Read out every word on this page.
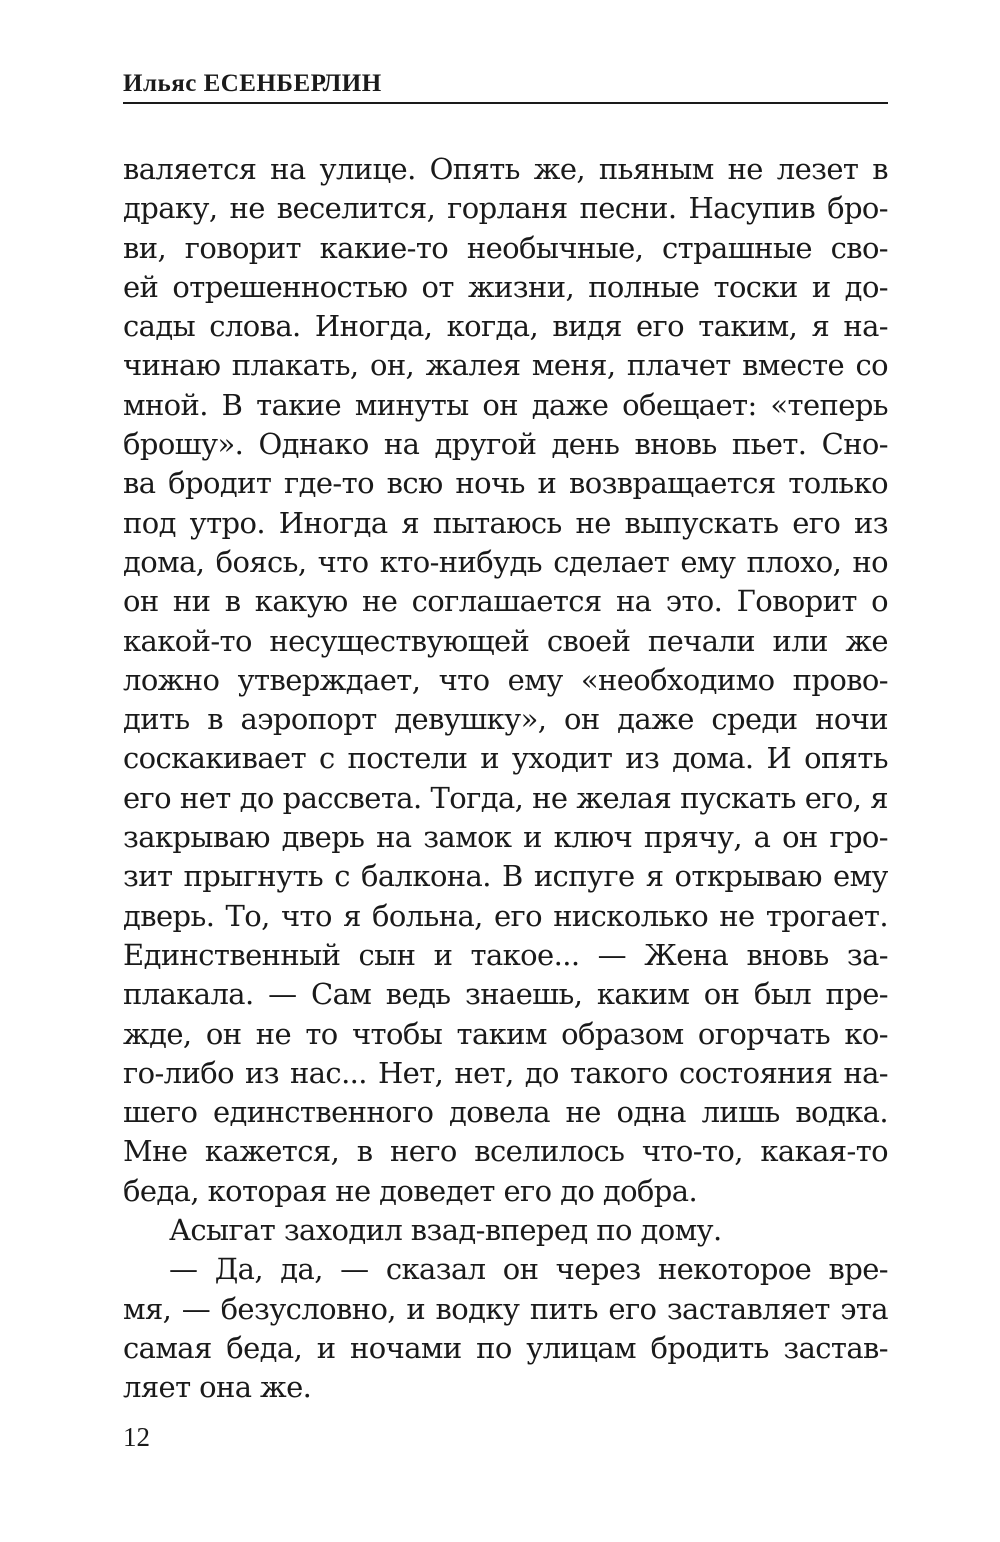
Ильяс ЕСЕНБЕРЛИН
валяется на улице. Опять же, пьяным не лезет в
драку, не веселится, горланя песни. Насупив бро-
ви, говорит какие-то необычные, страшные сво-
ей отрешенностью от жизни, полные тоски и до-
сады слова. Иногда, когда, видя его таким, я на-
чинаю плакать, он, жалея меня, плачет вместе со
мной. В такие минуты он даже обещает: «теперь
брошу». Однако на другой день вновь пьет. Сно-
ва бродит где-то всю ночь и возвращается только
под утро. Иногда я пытаюсь не выпускать его из
дома, боясь, что кто-нибудь сделает ему плохо, но
он ни в какую не соглашается на это. Говорит о
какой-то несуществующей своей печали или же
ложно утверждает, что ему «необходимо прово-
дить в аэропорт девушку», он даже среди ночи
соскакивает с постели и уходит из дома. И опять
его нет до рассвета. Тогда, не желая пускать его, я
закрываю дверь на замок и ключ прячу, а он гро-
зит прыгнуть с балкона. В испуге я открываю ему
дверь. То, что я больна, его нисколько не трогает.
Единственный сын и такое... — Жена вновь за-
плакала. — Сам ведь знаешь, каким он был пре-
жде, он не то чтобы таким образом огорчать ко-
го-либо из нас... Нет, нет, до такого состояния на-
шего единственного довела не одна лишь водка.
Мне кажется, в него вселилось что-то, какая-то
беда, которая не доведет его до добра.
Асыгат заходил взад-вперед по дому.
— Да, да, — сказал он через некоторое вре-
мя, — безусловно, и водку пить его заставляет эта
самая беда, и ночами по улицам бродить застав-
ляет она же.
12
